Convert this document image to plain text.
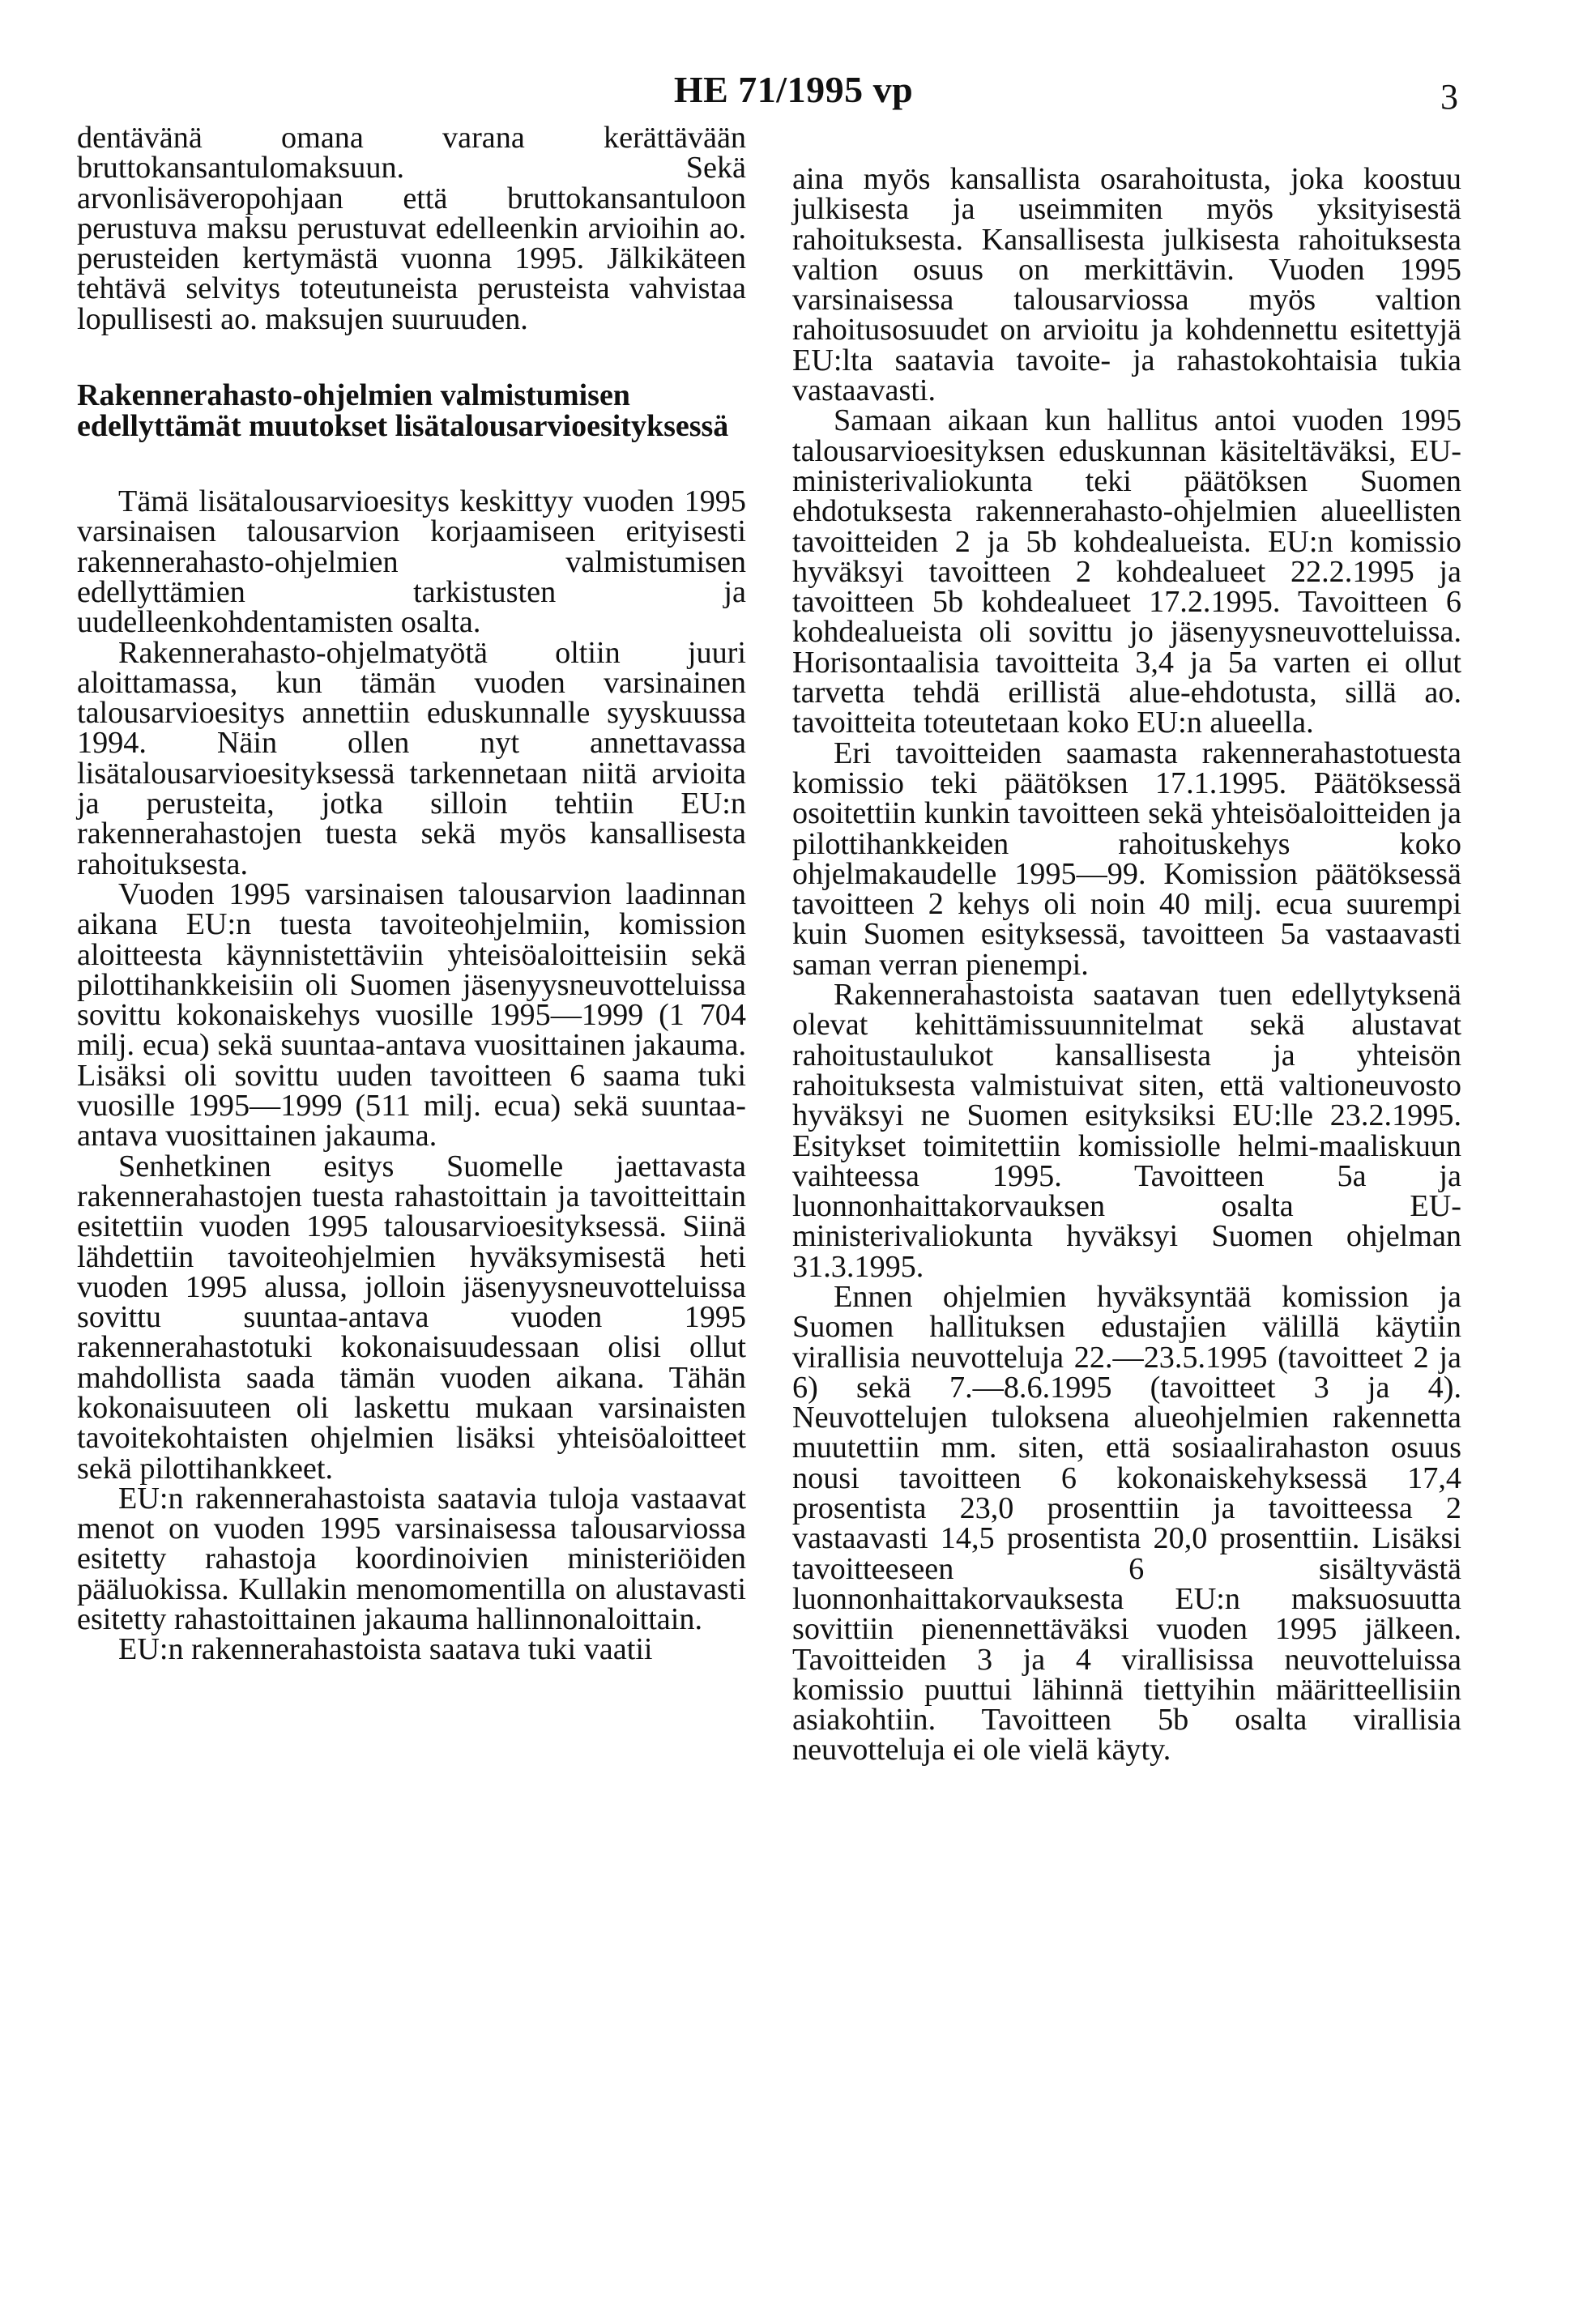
HE 71/1995 vp	3

dentävänä omana varana kerättävään bruttokansantulomaksuun. Sekä arvonlisäveropohjaan että bruttokansantuloon perustuva maksu perustuvat edelleenkin arvioihin ao. perusteiden kertymästä vuonna 1995. Jälkikäteen tehtävä selvitys toteutuneista perusteista vahvistaa lopullisesti ao. maksujen suuruuden.

Rakennerahasto-ohjelmien valmistumisen edellyttämät muutokset lisätalousarvioesityksessä

Tämä lisätalousarvioesitys keskittyy vuoden 1995 varsinaisen talousarvion korjaamiseen erityisesti rakennerahasto-ohjelmien valmistumisen edellyttämien tarkistusten ja uudelleenkohdentamisten osalta.

Rakennerahasto-ohjelmatyötä oltiin juuri aloittamassa, kun tämän vuoden varsinainen talousarvioesitys annettiin eduskunnalle syyskuussa 1994. Näin ollen nyt annettavassa lisätalousarvioesityksessä tarkennetaan niitä arvioita ja perusteita, jotka silloin tehtiin EU:n rakennerahastojen tuesta sekä myös kansallisesta rahoituksesta.

Vuoden 1995 varsinaisen talousarvion laadinnan aikana EU:n tuesta tavoiteohjelmiin, komission aloitteesta käynnistettäviin yhteisöaloitteisiin sekä pilottihankkeisiin oli Suomen jäsenyysneuvotteluissa sovittu kokonaiskehys vuosille 1995—1999 (1 704 milj. ecua) sekä suuntaa-antava vuosittainen jakauma. Lisäksi oli sovittu uuden tavoitteen 6 saama tuki vuosille 1995—1999 (511 milj. ecua) sekä suuntaa-antava vuosittainen jakauma.

Senhetkinen esitys Suomelle jaettavasta rakennerahastojen tuesta rahastoittain ja tavoitteittain esitettiin vuoden 1995 talousarvioesityksessä. Siinä lähdettiin tavoiteohjelmien hyväksymisestä heti vuoden 1995 alussa, jolloin jäsenyysneuvotteluissa sovittu suuntaa-antava vuoden 1995 rakennerahastotuki kokonaisuudessaan olisi ollut mahdollista saada tämän vuoden aikana. Tähän kokonaisuuteen oli laskettu mukaan varsinaisten tavoitekohtaisten ohjelmien lisäksi yhteisöaloitteet sekä pilottihankkeet.

EU:n rakennerahastoista saatavia tuloja vastaavat menot on vuoden 1995 varsinaisessa talousarviossa esitetty rahastoja koordinoivien ministeriöiden pääluokissa. Kullakin menomomentilla on alustavasti esitetty rahastoittainen jakauma hallinnonaloittain.

EU:n rakennerahastoista saatava tuki vaatii

aina myös kansallista osarahoitusta, joka koostuu julkisesta ja useimmiten myös yksityisestä rahoituksesta. Kansallisesta julkisesta rahoituksesta valtion osuus on merkittävin. Vuoden 1995 varsinaisessa talousarviossa myös valtion rahoitusosuudet on arvioitu ja kohdennettu esitettyjä EU:lta saatavia tavoite- ja rahastokohtaisia tukia vastaavasti.

Samaan aikaan kun hallitus antoi vuoden 1995 talousarvioesityksen eduskunnan käsiteltäväksi, EU-ministerivaliokunta teki päätöksen Suomen ehdotuksesta rakennerahasto-ohjelmien alueellisten tavoitteiden 2 ja 5b kohdealueista. EU:n komissio hyväksyi tavoitteen 2 kohdealueet 22.2.1995 ja tavoitteen 5b kohdealueet 17.2.1995. Tavoitteen 6 kohdealueista oli sovittu jo jäsenyysneuvotteluissa. Horisontaalisia tavoitteita 3,4 ja 5a varten ei ollut tarvetta tehdä erillistä alue-ehdotusta, sillä ao. tavoitteita toteutetaan koko EU:n alueella.

Eri tavoitteiden saamasta rakennerahastotuesta komissio teki päätöksen 17.1.1995. Päätöksessä osoitettiin kunkin tavoitteen sekä yhteisöaloitteiden ja pilottihankkeiden rahoituskehys koko ohjelmakaudelle 1995—99. Komission päätöksessä tavoitteen 2 kehys oli noin 40 milj. ecua suurempi kuin Suomen esityksessä, tavoitteen 5a vastaavasti saman verran pienempi.

Rakennerahastoista saatavan tuen edellytyksenä olevat kehittämissuunnitelmat sekä alustavat rahoitustaulukot kansallisesta ja yhteisön rahoituksesta valmistuivat siten, että valtioneuvosto hyväksyi ne Suomen esityksiksi EU:lle 23.2.1995. Esitykset toimitettiin komissiolle helmi-maaliskuun vaihteessa 1995. Tavoitteen 5a ja luonnonhaittakorvauksen osalta EU-ministerivaliokunta hyväksyi Suomen ohjelman 31.3.1995.

Ennen ohjelmien hyväksyntää komission ja Suomen hallituksen edustajien välillä käytiin virallisia neuvotteluja 22.—23.5.1995 (tavoitteet 2 ja 6) sekä 7.—8.6.1995 (tavoitteet 3 ja 4). Neuvottelujen tuloksena alueohjelmien rakennetta muutettiin mm. siten, että sosiaalirahaston osuus nousi tavoitteen 6 kokonaiskehyksessä 17,4 prosentista 23,0 prosenttiin ja tavoitteessa 2 vastaavasti 14,5 prosentista 20,0 prosenttiin. Lisäksi tavoitteeseen 6 sisältyvästä luonnonhaittakorvauksesta EU:n maksuosuutta sovittiin pienennettäväksi vuoden 1995 jälkeen. Tavoitteiden 3 ja 4 virallisissa neuvotteluissa komissio puuttui lähinnä tiettyihin määritteellisiin asiakohtiin. Tavoitteen 5b osalta virallisia neuvotteluja ei ole vielä käyty.
